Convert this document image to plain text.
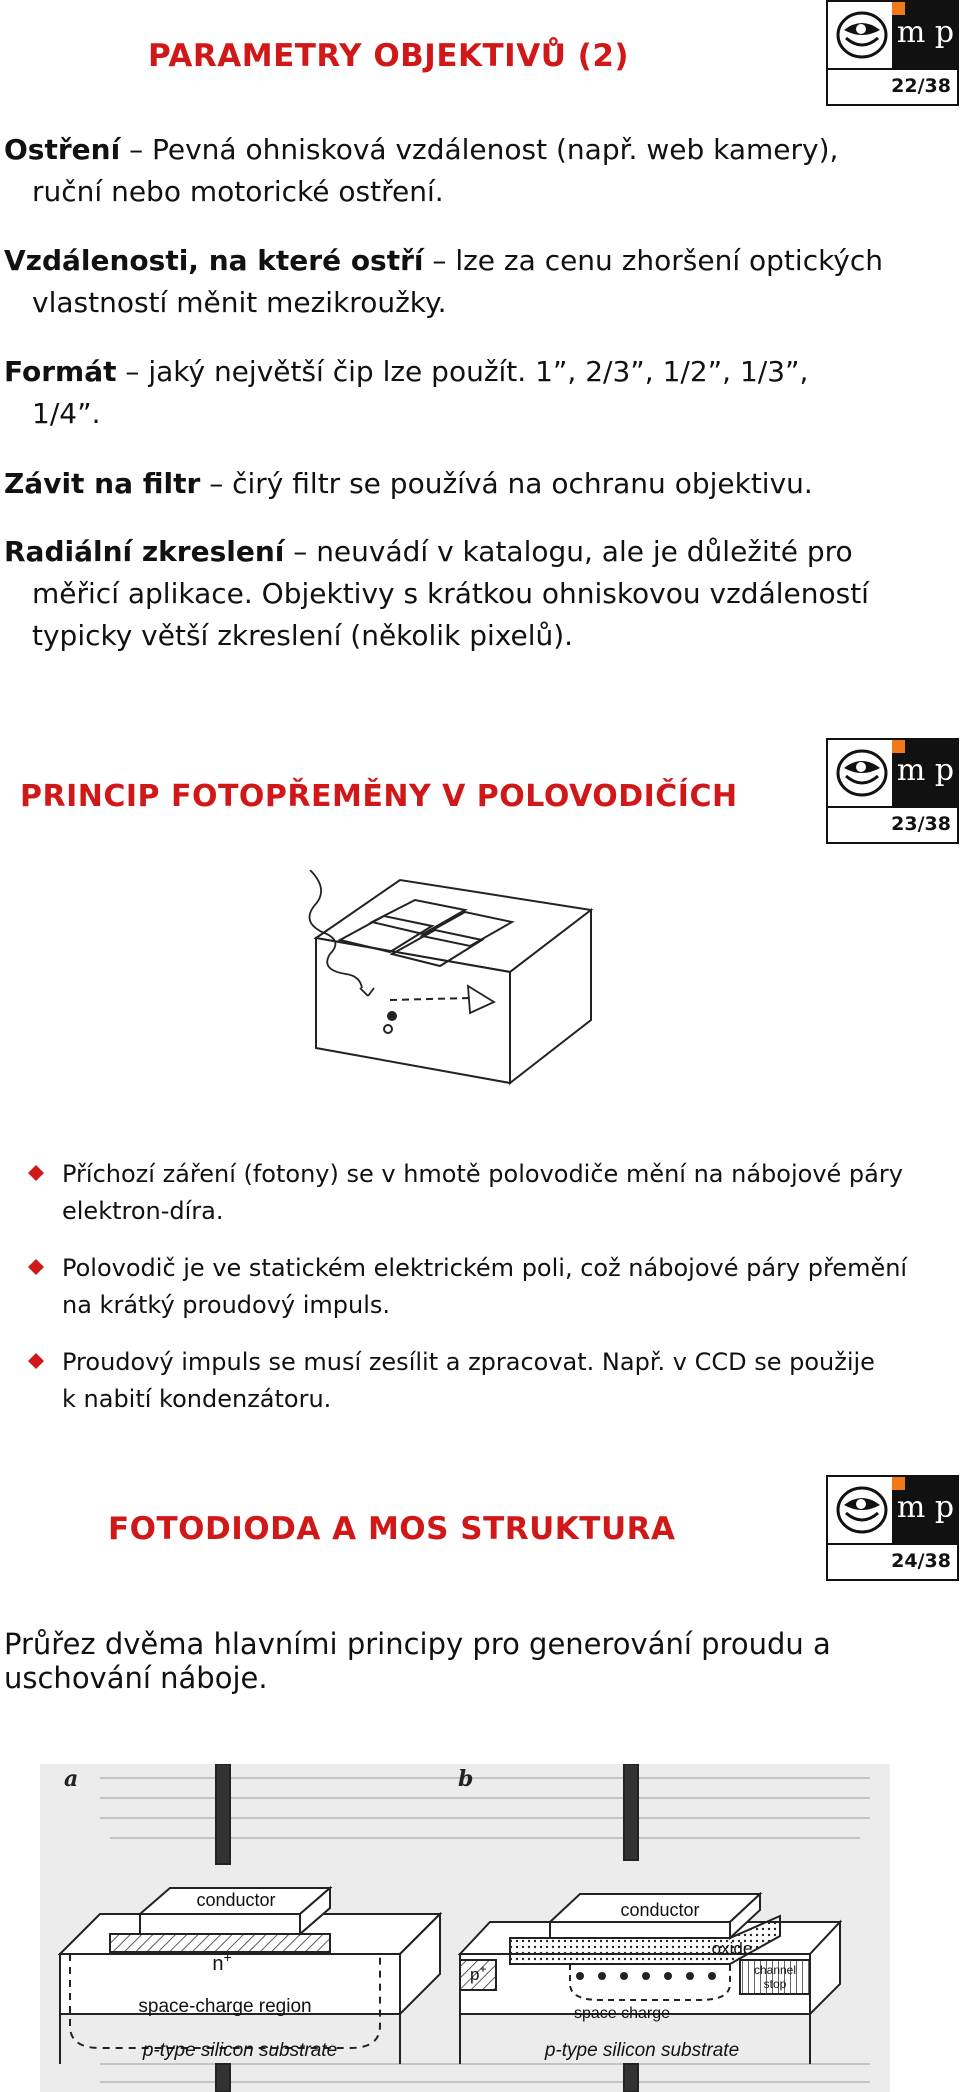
PARAMETRY OBJEKTIVŮ (2)
m p
22/38
Ostření – Pevná ohnisková vzdálenost (např. web kamery),
ruční nebo motorické ostření.
Vzdálenosti, na které ostří – lze za cenu zhoršení optických
vlastností měnit mezikroužky.
Formát – jaký největší čip lze použít. 1”, 2/3”, 1/2”, 1/3”,
1/4”.
Závit na filtr – čirý filtr se používá na ochranu objektivu.
Radiální zkreslení – neuvádí v katalogu, ale je důležité pro
měřicí aplikace. Objektivy s krátkou ohniskovou vzdáleností
typicky větší zkreslení (několik pixelů).
PRINCIP FOTOPŘEMĚNY V POLOVODIČÍCH
m p
23/38
Příchozí záření (fotony) se v hmotě polovodiče mění na nábojové páry
elektron-díra.
Polovodič je ve statickém elektrickém poli, což nábojové páry přemění
na krátký proudový impuls.
Proudový impuls se musí zesílit a zpracovat. Např. v CCD se použije
k nabití kondenzátoru.
FOTODIODA A MOS STRUKTURA
m p
24/38
Průřez dvěma hlavními principy pro generování proudu a
uschování náboje.
a
conductor
n+
space-charge region
p-type silicon substrate
b
conductor
oxide
p+	channel stop
space charge
p-type silicon substrate
